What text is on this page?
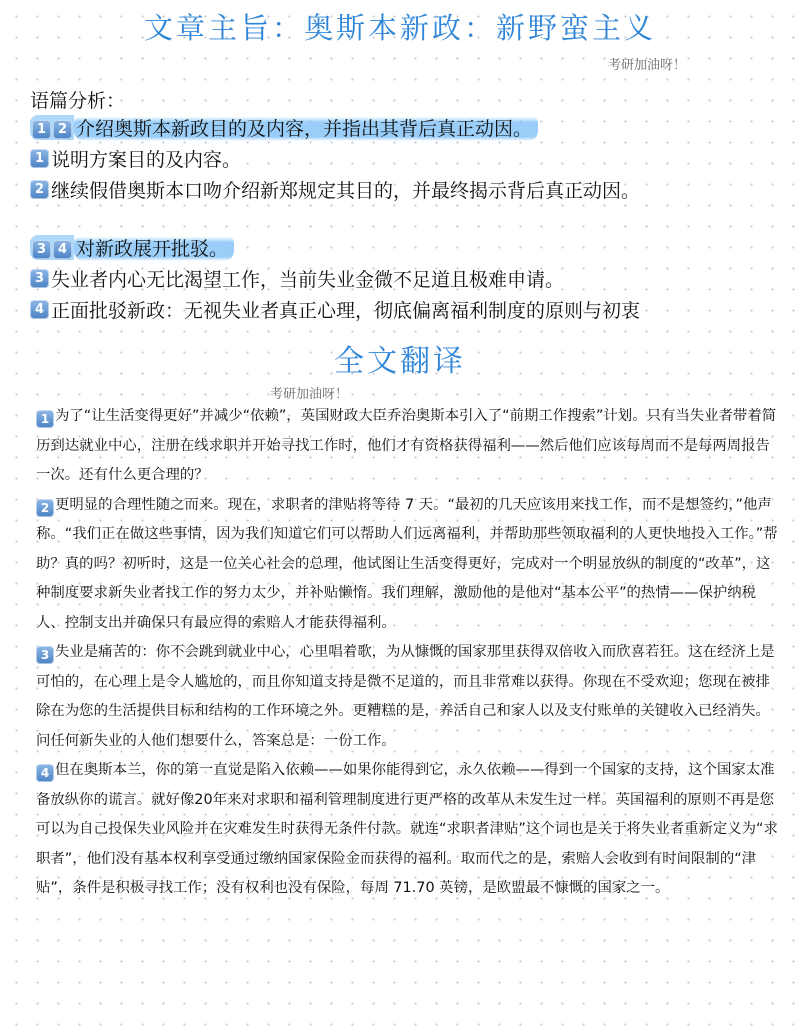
文章主旨：奥斯本新政：新野蛮主义
考研加油呀！
语篇分析：
1 2 介绍奥斯本新政目的及内容，并指出其背后真正动因。
1 说明方案目的及内容。
2 继续假借奥斯本口吻介绍新郑规定其目的，并最终揭示背后真正动因。
3 4 对新政展开批驳。
3 失业者内心无比渴望工作，当前失业金微不足道且极难申请。
4 正面批驳新政：无视失业者真正心理，彻底偏离福利制度的原则与初衷
全文翻译
考研加油呀！

1 为了“让生活变得更好”并减少“依赖”，英国财政大臣乔治奥斯本引入了“前期工作搜索”计划。只有当失业者带着简历到达就业中心，注册在线求职并开始寻找工作时，他们才有资格获得福利——然后他们应该每周而不是每两周报告一次。还有什么更合理的？

2 更明显的合理性随之而来。现在，求职者的津贴将等待 7 天。“最初的几天应该用来找工作，而不是想签约，”他声称。“我们正在做这些事情，因为我们知道它们可以帮助人们远离福利，并帮助那些领取福利的人更快地投入工作。”帮助？真的吗？初听时，这是一位关心社会的总理，他试图让生活变得更好，完成对一个明显放纵的制度的“改革”，这种制度要求新失业者找工作的努力太少，并补贴懒惰。我们理解，激励他的是他对“基本公平”的热情——保护纳税人、控制支出并确保只有最应得的索赔人才能获得福利。

3 失业是痛苦的：你不会跳到就业中心，心里唱着歌，为从慷慨的国家那里获得双倍收入而欣喜若狂。这在经济上是可怕的，在心理上是令人尴尬的，而且你知道支持是微不足道的，而且非常难以获得。你现在不受欢迎；您现在被排除在为您的生活提供目标和结构的工作环境之外。更糟糕的是，养活自己和家人以及支付账单的关键收入已经消失。问任何新失业的人他们想要什么，答案总是：一份工作。

4 但在奥斯本兰，你的第一直觉是陷入依赖——如果你能得到它，永久依赖——得到一个国家的支持，这个国家太准备放纵你的谎言。就好像20年来对求职和福利管理制度进行更严格的改革从未发生过一样。英国福利的原则不再是您可以为自己投保失业风险并在灾难发生时获得无条件付款。就连“求职者津贴”这个词也是关于将失业者重新定义为“求职者”，他们没有基本权利享受通过缴纳国家保险金而获得的福利。取而代之的是，索赔人会收到有时间限制的“津贴”，条件是积极寻找工作；没有权利也没有保险，每周 71.70 英镑，是欧盟最不慷慨的国家之一。
